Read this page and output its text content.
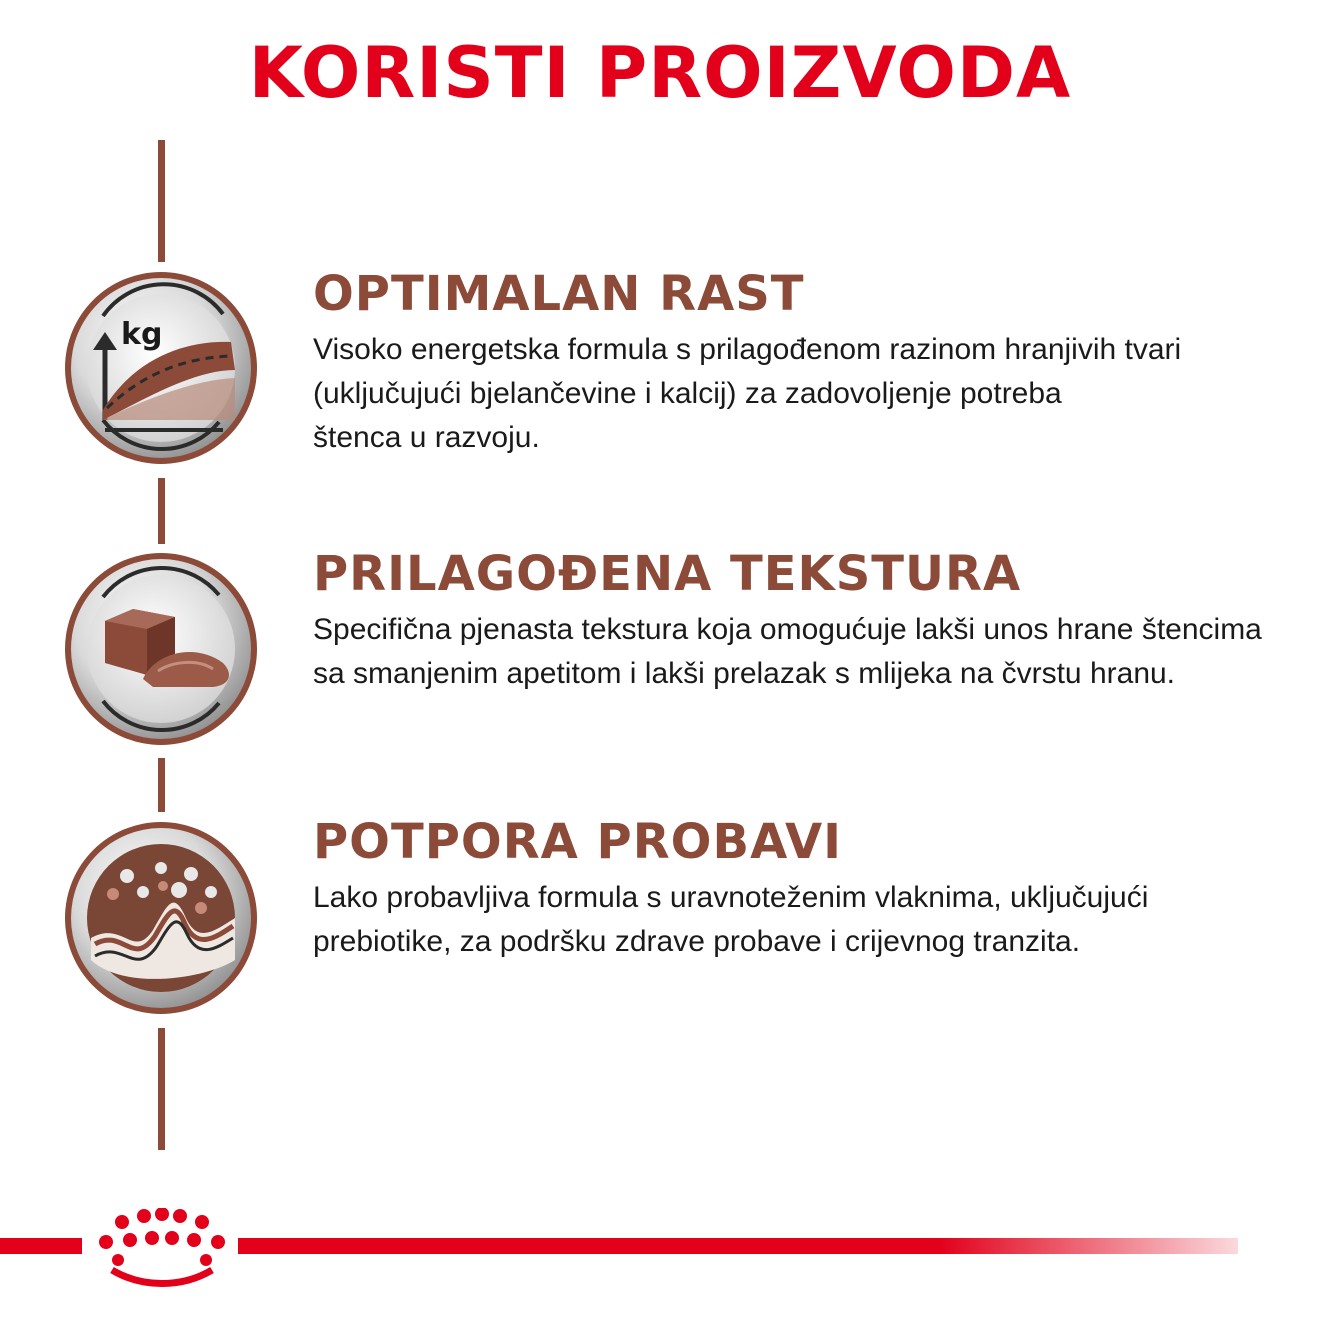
KORISTI PROIZVODA
kg
OPTIMALAN RAST

Visoko energetska formula s prilagođenom razinom hranjivih tvari
(uključujući bjelančevine i kalcij) za zadovoljenje potreba
štenca u razvoju.

PRILAGOĐENA TEKSTURA

Specifična pjenasta tekstura koja omogućuje lakši unos hrane štencima
sa smanjenim apetitom i lakši prelazak s mlijeka na čvrstu hranu.

POTPORA PROBAVI

Lako probavljiva formula s uravnoteženim vlaknima, uključujući
prebiotike, za podršku zdrave probave i crijevnog tranzita.
